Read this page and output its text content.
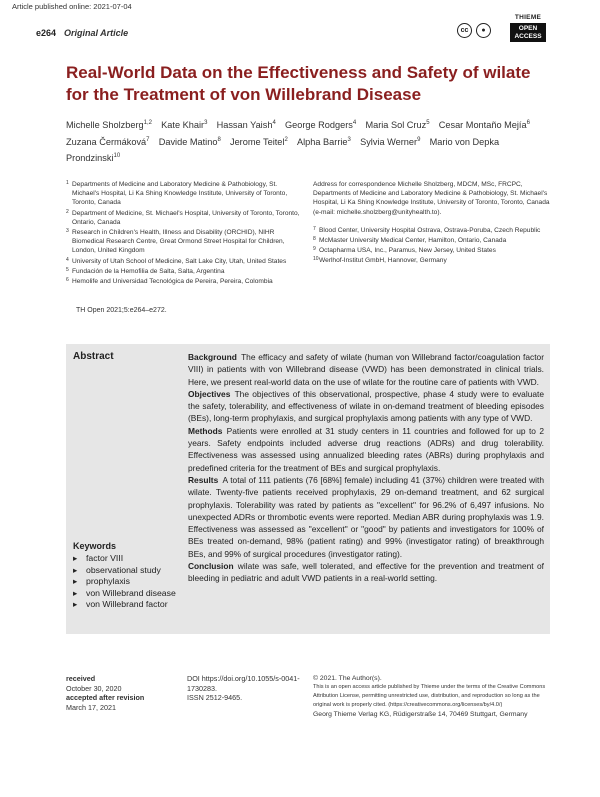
Article published online: 2021-07-04
e264 Original Article	cc	●
THIEME
OPEN ACCESS
Real-World Data on the Effectiveness and Safety of wilate for the Treatment of von Willebrand Disease
Michelle Sholzberg$^{1,2}$  Kate Khair$^3$  Hassan Yaish$^4$  George Rodgers$^4$  Maria Sol Cruz$^5$  Cesar Montaño Mejía$^6$ Zuzana Čermáková$^7$  Davide Matino$^8$  Jerome Teitel$^2$  Alpha Barrie$^3$  Sylvia Werner$^9$  Mario von Depka Prondzinski$^{10}$
1 Departments of Medicine and Laboratory Medicine & Pathobiology, St. Michael's Hospital, Li Ka Shing Knowledge Institute, University of Toronto, Toronto, Canada
2 Department of Medicine, St. Michael's Hospital, University of Toronto, Toronto, Ontario, Canada
3 Research in Children's Health, Illness and Disability (ORCHID), NIHR Biomedical Research Centre, Great Ormond Street Hospital for Children, London, United Kingdom
4 University of Utah School of Medicine, Salt Lake City, Utah, United States
5 Fundación de la Hemofilia de Salta, Salta, Argentina
6 Hemolife and Universidad Tecnológica de Pereira, Pereira, Colombia
Address for correspondence Michelle Sholzberg, MDCM, MSc, FRCPC, Departments of Medicine and Laboratory Medicine & Pathobiology, St. Michael's Hospital, Li Ka Shing Knowledge Institute, University of Toronto, Toronto, Canada (e-mail: michelle.sholzberg@unityhealth.to).
7 Blood Center, University Hospital Ostrava, Ostrava-Poruba, Czech Republic
8 McMaster University Medical Center, Hamilton, Ontario, Canada
9 Octapharma USA, Inc., Paramus, New Jersey, United States
10 Werlhof-Institut GmbH, Hannover, Germany
TH Open 2021;5:e264–e272.
Abstract
Keywords
▸ factor VIII
▸ observational study
▸ prophylaxis
▸ von Willebrand disease
▸ von Willebrand factor

Background  The efficacy and safety of wilate (human von Willebrand factor/coagulation factor VIII) in patients with von Willebrand disease (VWD) has been demonstrated in clinical trials. Here, we present real-world data on the use of wilate for the routine care of patients with VWD.

Objectives  The objectives of this observational, prospective, phase 4 study were to evaluate the safety, tolerability, and effectiveness of wilate in on-demand treatment of bleeding episodes (BEs), long-term prophylaxis, and surgical prophylaxis among patients with any type of VWD.

Methods  Patients were enrolled at 31 study centers in 11 countries and followed for up to 2 years. Safety endpoints included adverse drug reactions (ADRs) and drug tolerability. Effectiveness was assessed using annualized bleeding rates (ABRs) during prophylaxis and predefined criteria for the treatment of BEs and surgical prophylaxis.

Results  A total of 111 patients (76 [68%] female) including 41 (37%) children were treated with wilate. Twenty-five patients received prophylaxis, 29 on-demand treatment, and 62 surgical prophylaxis. Tolerability was rated by patients as "excellent" for 96.2% of 6,497 infusions. No unexpected ADRs or thrombotic events were reported. Median ABR during prophylaxis was 1.9. Effectiveness was assessed as "excellent" or "good" by patients and investigators for 100% of BEs treated on-demand, 98% (patient rating) and 99% (investigator rating) of breakthrough BEs, and 99% of surgical procedures (investigator rating).

Conclusion  wilate was safe, well tolerated, and effective for the prevention and treatment of bleeding in pediatric and adult VWD patients in a real-world setting.

received
October 30, 2020
accepted after revision
March 17, 2021
DOI https://doi.org/10.1055/s-0041-1730283.
ISSN 2512-9465.
© 2021. The Author(s).
This is an open access article published by Thieme under the terms of the Creative Commons Attribution License, permitting unrestricted use, distribution, and reproduction so long as the original work is properly cited. (https://creativecommons.org/licenses/by/4.0/)
Georg Thieme Verlag KG, Rüdigerstraße 14, 70469 Stuttgart, Germany
